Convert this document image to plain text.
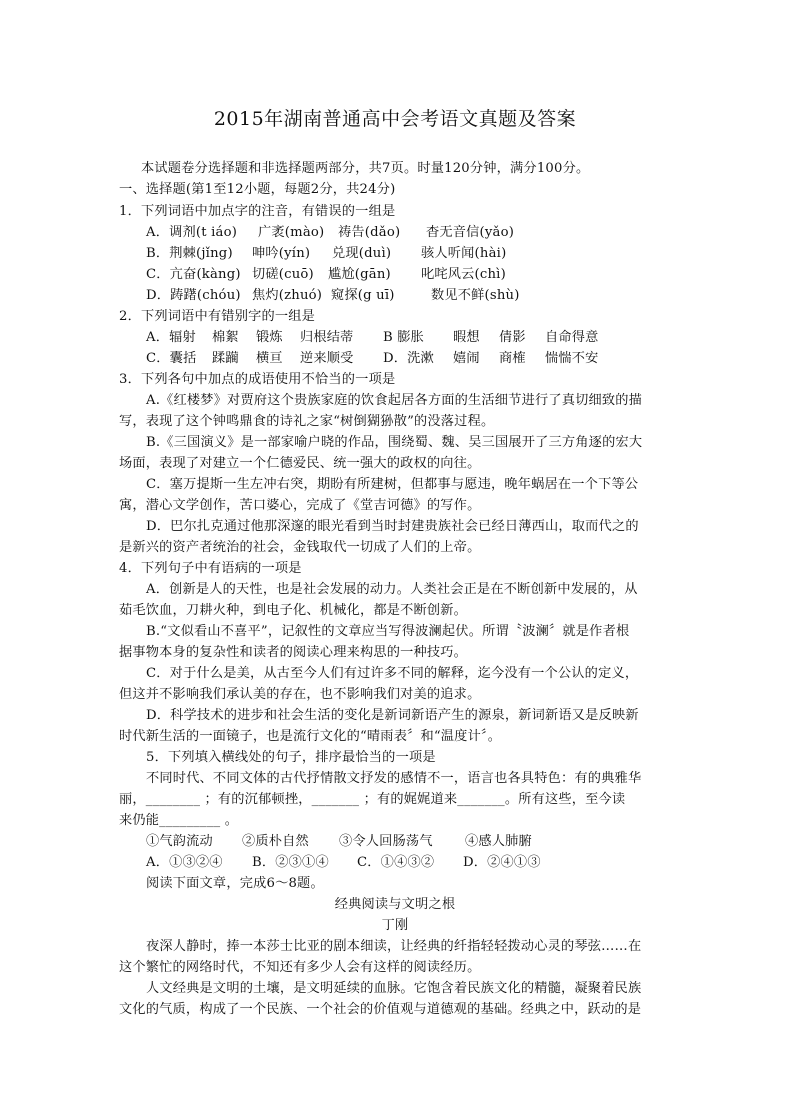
2015年湖南普通高中会考语文真题及答案
本试题卷分选择题和非选择题两部分，共7页。时量120分钟，满分100分。
一、选择题(第1至12小题，每题2分，共24分)
1．下列词语中加点字的注音，有错误的一组是
A．调剂(t iáo) 广袤(mào) 祷告(dǎo) 杳无音信(yǎo)
B．荆棘(jǐng) 呻吟(yín) 兑现(duì) 骇人听闻(hài)
C．亢奋(kàng) 切磋(cuō) 尴尬(gān) 叱咤风云(chì)
D．踌躇(chóu) 焦灼(zhuó) 窥探(g uī)	数见不鲜(shù)
2．下列词语中有错别字的一组是
A．辐射 棉絮 锻炼 归根结蒂 B 膨胀 暇想 倩影 自命得意
C．囊括 蹂躏 横亘 逆来顺受 D．洗漱 嬉闹 商榷 惴惴不安
3．下列各句中加点的成语使用不恰当的一项是
A.《红楼梦》对贾府这个贵族家庭的饮食起居各方面的生活细节进行了真切细致的描
写，表现了这个钟鸣鼎食的诗礼之家“树倒猢狲散”的没落过程。
B.《三国演义》是一部家喻户晓的作品，围绕蜀、魏、吴三国展开了三方角逐的宏大
场面，表现了对建立一个仁德爱民、统一强大的政权的向往。
C．塞万提斯一生左冲右突，期盼有所建树，但都事与愿违，晚年蜗居在一个下等公
寓，潜心文学创作，苦口婆心，完成了《堂吉诃德》的写作。
D．巴尔扎克通过他那深邃的眼光看到当时封建贵族社会已经日薄西山，取而代之的
是新兴的资产者统治的社会，金钱取代一切成了人们的上帝。
4．下列句子中有语病的一项是
A．创新是人的天性，也是社会发展的动力。人类社会正是在不断创新中发展的，从
茹毛饮血，刀耕火种，到电子化、机械化，都是不断创新。
B.“文似看山不喜平”，记叙性的文章应当写得波澜起伏。所谓〝波澜〞就是作者根
据事物本身的复杂性和读者的阅读心理来构思的一种技巧。
C．对于什么是美，从古至今人们有过许多不同的解释，迄今没有一个公认的定义，
但这并不影响我们承认美的存在，也不影响我们对美的追求。
D．科学技术的进步和社会生活的变化是新词新语产生的源泉，新词新语又是反映新
时代新生活的一面镜子，也是流行文化的“晴雨表〞和“温度计〞。
5．下列填入横线处的句子，排序最恰当的一项是
不同时代、不同文体的古代抒情散文抒发的感情不一，语言也各具特色：有的典雅华
丽，________ ；有的沉郁顿挫，_______ ；有的娓娓道来_______。所有这些，至今读
来仍能_________ 。
①气韵流动 ②质朴自然 ③令人回肠荡气 ④感人肺腑
A．①③②④ B．②③①④ C．①④③② D．②④①③
阅读下面文章，完成6～8题。
经典阅读与文明之根
丁刚
夜深人静时，捧一本莎士比亚的剧本细读，让经典的纤指轻轻拨动心灵的琴弦……在
这个繁忙的网络时代，不知还有多少人会有这样的阅读经历。
人文经典是文明的土壤，是文明延续的血脉。它饱含着民族文化的精髓，凝聚着民族
文化的气质，构成了一个民族、一个社会的价值观与道德观的基础。经典之中，跃动的是
